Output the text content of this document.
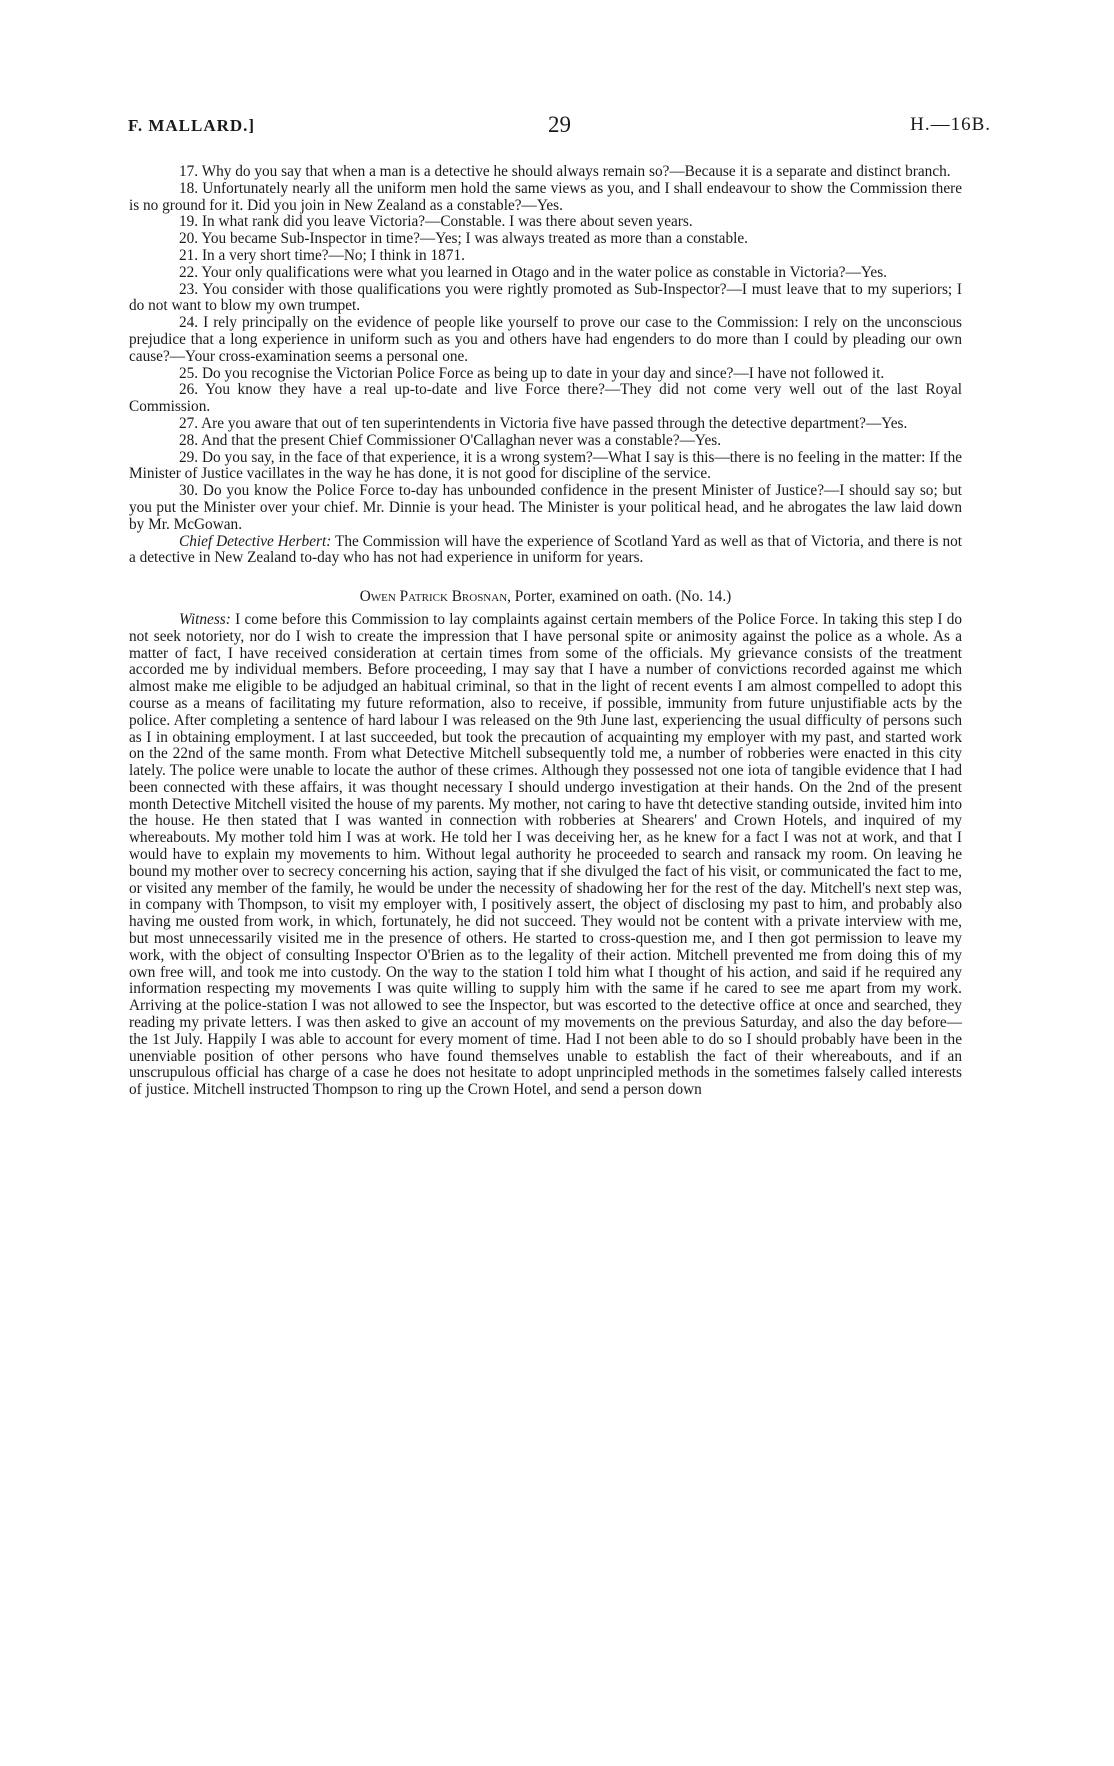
F. MALLARD.]	29	H.—16B.

17. Why do you say that when a man is a detective he should always remain so?—Because it is a separate and distinct branch.

18. Unfortunately nearly all the uniform men hold the same views as you, and I shall endeavour to show the Commission there is no ground for it. Did you join in New Zealand as a constable?—Yes.

19. In what rank did you leave Victoria?—Constable. I was there about seven years.

20. You became Sub-Inspector in time?—Yes; I was always treated as more than a constable.

21. In a very short time?—No; I think in 1871.

22. Your only qualifications were what you learned in Otago and in the water police as constable in Victoria?—Yes.

23. You consider with those qualifications you were rightly promoted as Sub-Inspector?—I must leave that to my superiors; I do not want to blow my own trumpet.

24. I rely principally on the evidence of people like yourself to prove our case to the Commission: I rely on the unconscious prejudice that a long experience in uniform such as you and others have had engenders to do more than I could by pleading our own cause?—Your cross-examination seems a personal one.

25. Do you recognise the Victorian Police Force as being up to date in your day and since?—I have not followed it.

26. You know they have a real up-to-date and live Force there?—They did not come very well out of the last Royal Commission.

27. Are you aware that out of ten superintendents in Victoria five have passed through the detective department?—Yes.

28. And that the present Chief Commissioner O'Callaghan never was a constable?—Yes.

29. Do you say, in the face of that experience, it is a wrong system?—What I say is this—there is no feeling in the matter: If the Minister of Justice vacillates in the way he has done, it is not good for discipline of the service.

30. Do you know the Police Force to-day has unbounded confidence in the present Minister of Justice?—I should say so; but you put the Minister over your chief. Mr. Dinnie is your head. The Minister is your political head, and he abrogates the law laid down by Mr. McGowan.

Chief Detective Herbert: The Commission will have the experience of Scotland Yard as well as that of Victoria, and there is not a detective in New Zealand to-day who has not had experience in uniform for years.

Owen Patrick Brosnan, Porter, examined on oath. (No. 14.)

Witness: I come before this Commission to lay complaints against certain members of the Police Force. In taking this step I do not seek notoriety, nor do I wish to create the impression that I have personal spite or animosity against the police as a whole. As a matter of fact, I have received consideration at certain times from some of the officials. My grievance consists of the treatment accorded me by individual members. Before proceeding, I may say that I have a number of convictions recorded against me which almost make me eligible to be adjudged an habitual criminal, so that in the light of recent events I am almost compelled to adopt this course as a means of facilitating my future reformation, also to receive, if possible, immunity from future unjustifiable acts by the police. After completing a sentence of hard labour I was released on the 9th June last, experiencing the usual difficulty of persons such as I in obtaining employment. I at last succeeded, but took the precaution of acquainting my employer with my past, and started work on the 22nd of the same month. From what Detective Mitchell subsequently told me, a number of robberies were enacted in this city lately. The police were unable to locate the author of these crimes. Although they possessed not one iota of tangible evidence that I had been connected with these affairs, it was thought necessary I should undergo investigation at their hands. On the 2nd of the present month Detective Mitchell visited the house of my parents. My mother, not caring to have tht detective standing outside, invited him into the house. He then stated that I was wanted in connection with robberies at Shearers' and Crown Hotels, and inquired of my whereabouts. My mother told him I was at work. He told her I was deceiving her, as he knew for a fact I was not at work, and that I would have to explain my movements to him. Without legal authority he proceeded to search and ransack my room. On leaving he bound my mother over to secrecy concerning his action, saying that if she divulged the fact of his visit, or communicated the fact to me, or visited any member of the family, he would be under the necessity of shadowing her for the rest of the day. Mitchell's next step was, in company with Thompson, to visit my employer with, I positively assert, the object of disclosing my past to him, and probably also having me ousted from work, in which, fortunately, he did not succeed. They would not be content with a private interview with me, but most unnecessarily visited me in the presence of others. He started to cross-question me, and I then got permission to leave my work, with the object of consulting Inspector O'Brien as to the legality of their action. Mitchell prevented me from doing this of my own free will, and took me into custody. On the way to the station I told him what I thought of his action, and said if he required any information respecting my movements I was quite willing to supply him with the same if he cared to see me apart from my work. Arriving at the police-station I was not allowed to see the Inspector, but was escorted to the detective office at once and searched, they reading my private letters. I was then asked to give an account of my movements on the previous Saturday, and also the day before—the 1st July. Happily I was able to account for every moment of time. Had I not been able to do so I should probably have been in the unenviable position of other persons who have found themselves unable to establish the fact of their whereabouts, and if an unscrupulous official has charge of a case he does not hesitate to adopt unprincipled methods in the sometimes falsely called interests of justice. Mitchell instructed Thompson to ring up the Crown Hotel, and send a person down
